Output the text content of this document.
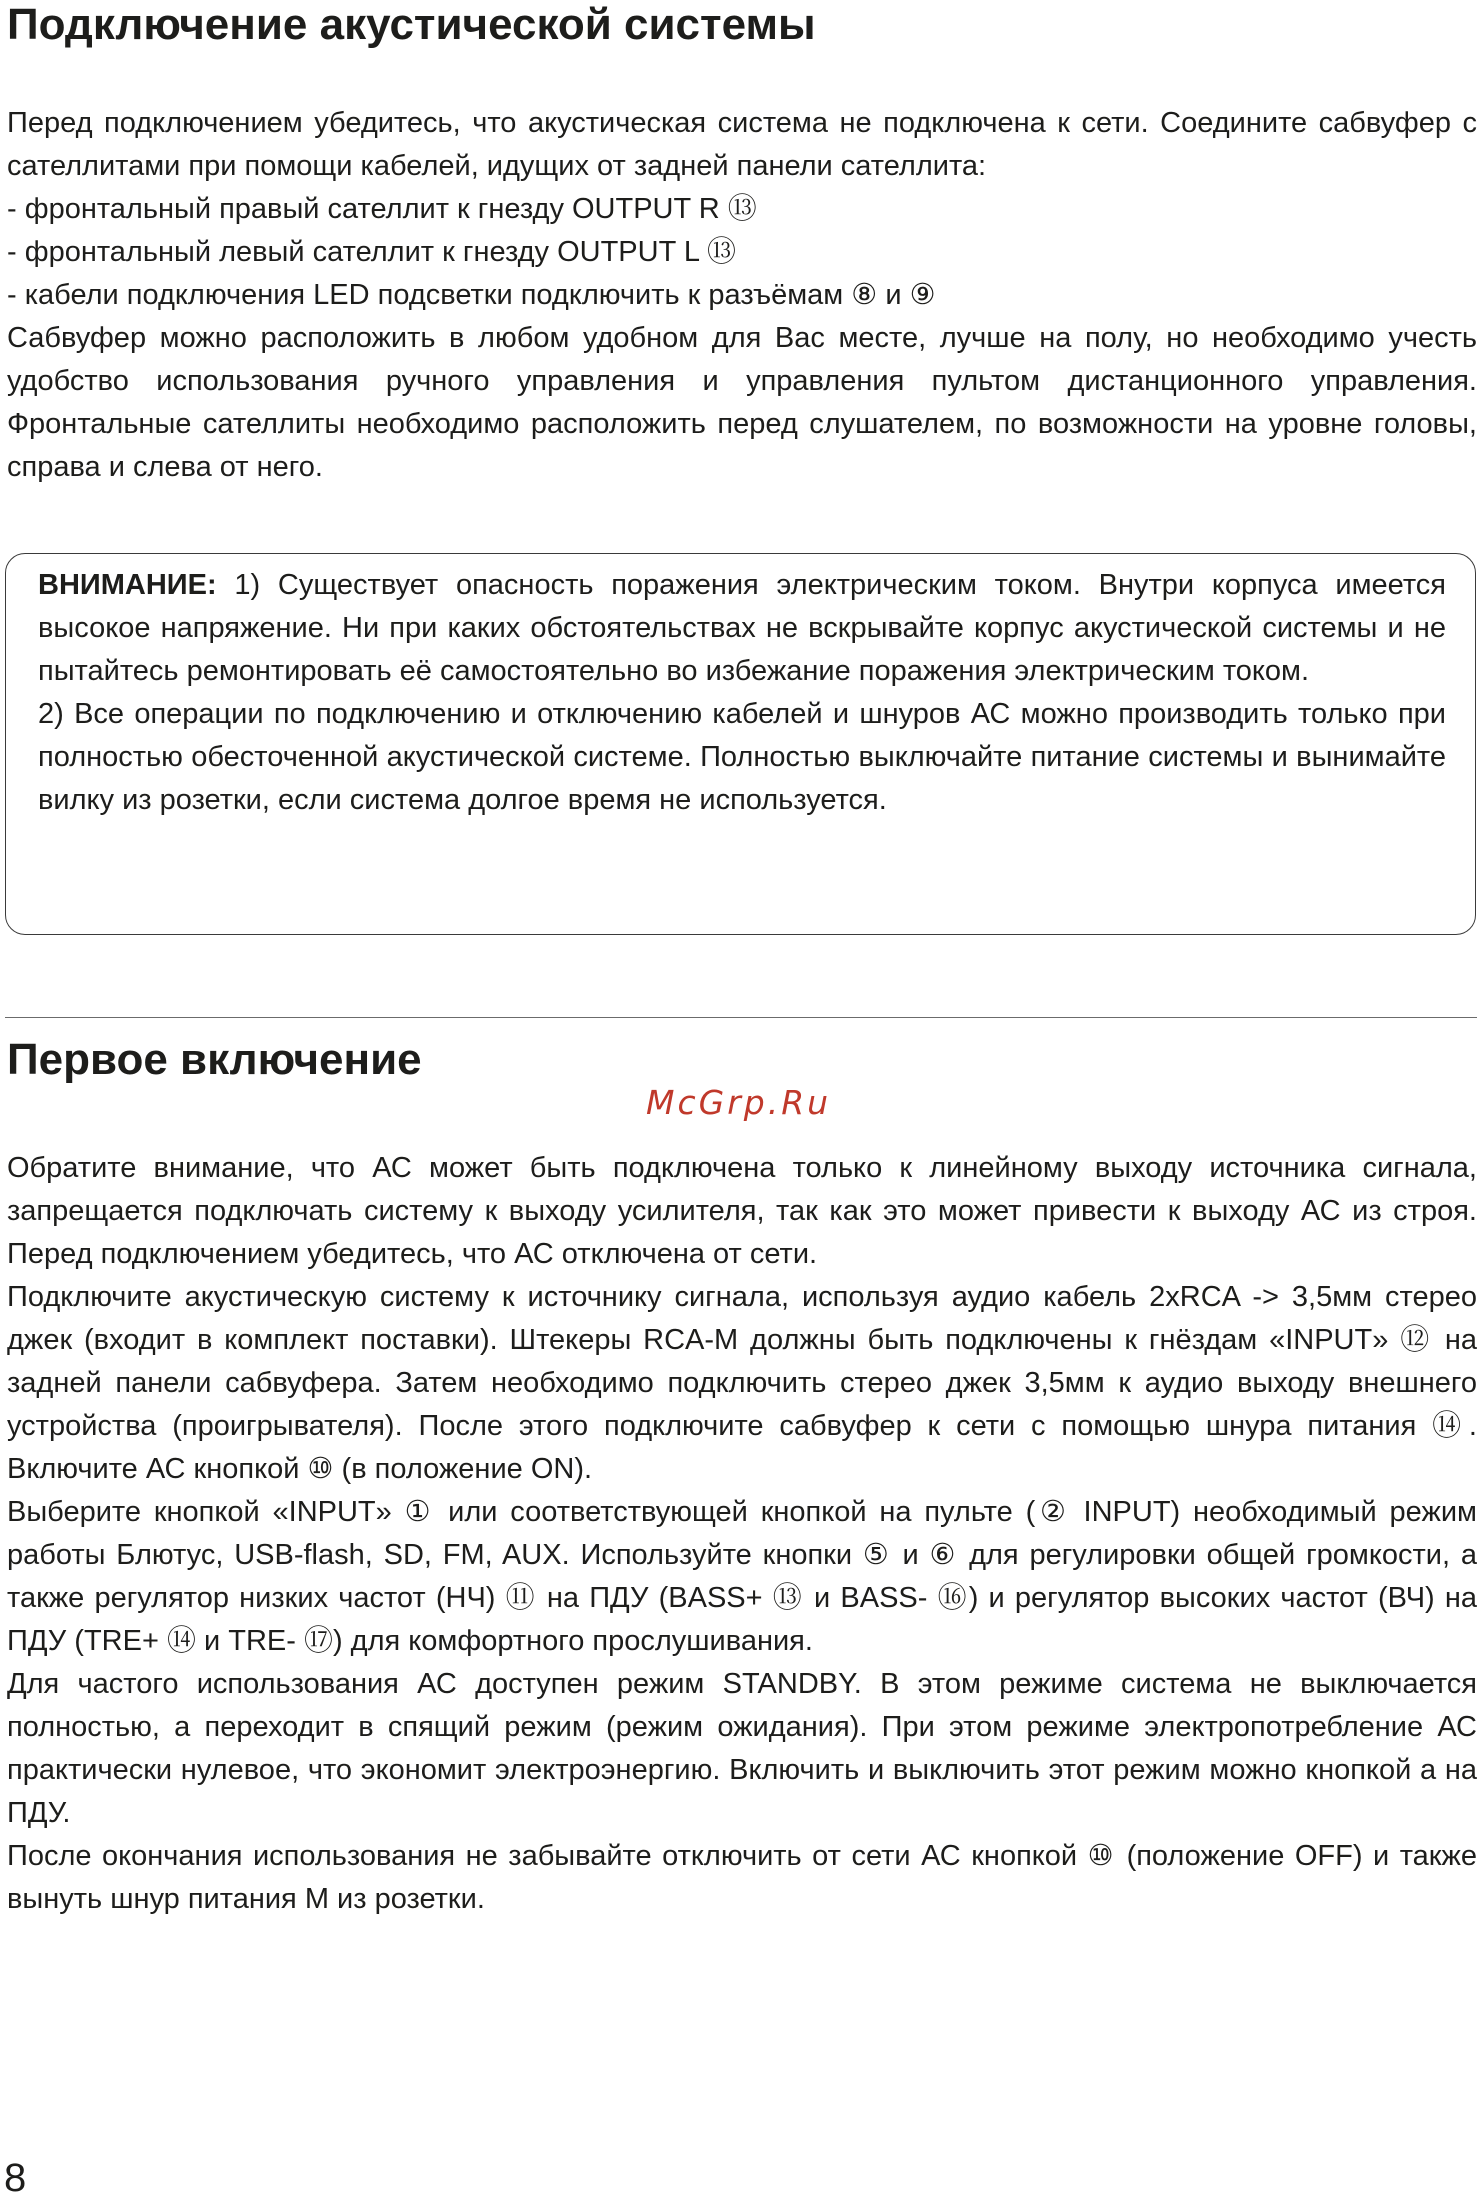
Подключение акустической системы

Перед подключением убедитесь, что акустическая система не подключена к сети. Соедините сабвуфер с сателлитами при помощи кабелей, идущих от задней панели сателлита:

- фронтальный правый сателлит к гнезду OUTPUT R ⑬

- фронтальный левый сателлит к гнезду OUTPUT L ⑬

- кабели подключения LED подсветки подключить к разъёмам ⑧ и ⑨

Сабвуфер можно расположить в любом удобном для Вас месте, лучше на полу, но необходимо учесть удобство использования ручного управления и управления пультом дистанционного управления. Фронтальные сателлиты необходимо расположить перед слушателем, по возможности на уровне головы, справа и слева от него.

ВНИМАНИЕ: 1) Существует опасность поражения электрическим током. Внутри корпуса имеется высокое напряжение. Ни при каких обстоятельствах не вскрывайте корпус акустической системы и не пытайтесь ремонтировать её самостоятельно во избежание поражения электрическим током.

2) Все операции по подключению и отключению кабелей и шнуров АС можно производить только при полностью обесточенной акустической системе. Полностью выключайте питание системы и вынимайте вилку из розетки, если система долгое время не используется.

Первое включение
McGrp.Ru

Обратите внимание, что АС может быть подключена только к линейному выходу источника сигнала, запрещается подключать систему к выходу усилителя, так как это может привести к выходу АС из строя. Перед подключением убедитесь, что АС отключена от сети.

Подключите акустическую систему к источнику сигнала, используя аудио кабель 2хRCA -> 3,5мм стерео джек (входит в комплект поставки). Штекеры RCA-M должны быть подключены к гнёздам «INPUT» ⑫ на задней панели сабвуфера. Затем необходимо подключить стерео джек 3,5мм к аудио выходу внешнего устройства (проигрывателя). После этого подключите сабвуфер к сети с помощью шнура питания ⑭. Включите АС кнопкой ⑩ (в положение ON).

Выберите кнопкой «INPUT» ① или соответствующей кнопкой на пульте (② INPUT) необходимый режим работы Блютус, USB-flash, SD, FM, AUX. Используйте кнопки ⑤ и ⑥ для регулировки общей громкости, а также регулятор низких частот (НЧ) ⑪ на ПДУ (BASS+ ⑬ и BASS- ⑯) и регулятор высоких частот (ВЧ) на ПДУ (TRE+ ⑭ и TRE- ⑰) для комфортного прослушивания.

Для частого использования АС доступен режим STANDBY. В этом режиме система не выключается полностью, а переходит в спящий режим (режим ожидания). При этом режиме электропотребление АС практически нулевое, что экономит электроэнергию. Включить и выключить этот режим можно кнопкой а на ПДУ.

После окончания использования не забывайте отключить от сети АС кнопкой ⑩ (положение OFF) и также вынуть шнур питания М из розетки.

8
